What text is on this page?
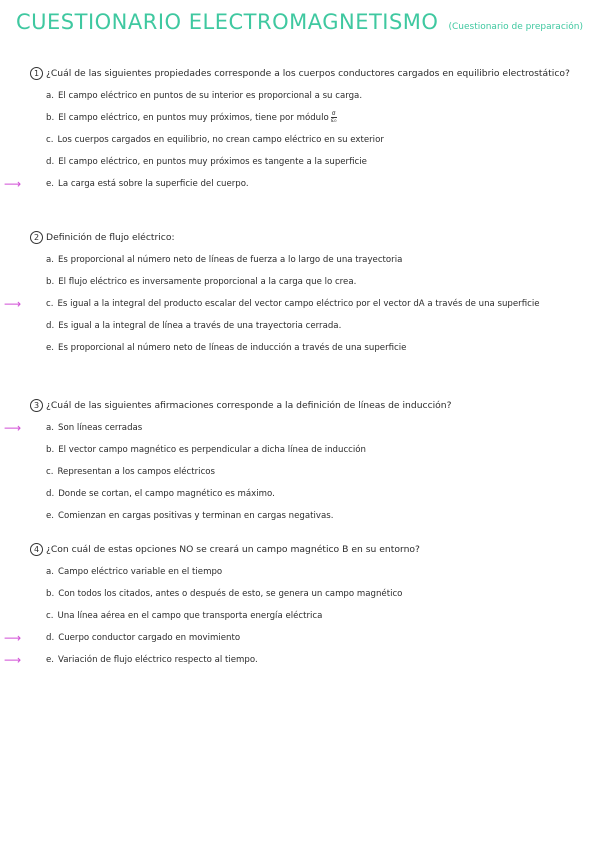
CUESTIONARIO ELECTROMAGNETISMO (Cuestionario de preparación)
1 ¿Cuál de las siguientes propiedades corresponde a los cuerpos conductores cargados en equilibrio electrostático?
a. El campo eléctrico en puntos de su interior es proporcional a su carga.
b. El campo eléctrico, en puntos muy próximos, tiene por módulo $\frac{\sigma}{\text{ε₀}}$
c. Los cuerpos cargados en equilibrio, no crean campo eléctrico en su exterior
d. El campo eléctrico, en puntos muy próximos es tangente a la superficie
⟶	e. La carga está sobre la superficie del cuerpo.
2 Definición de flujo eléctrico:
a. Es proporcional al número neto de líneas de fuerza a lo largo de una trayectoria
b. El flujo eléctrico es inversamente proporcional a la carga que lo crea.
⟶	c. Es igual a la integral del producto escalar del vector campo eléctrico por el vector dA a través de una superficie
d. Es igual a la integral de línea a través de una trayectoria cerrada.
e. Es proporcional al número neto de líneas de inducción a través de una superficie
3 ¿Cuál de las siguientes afirmaciones corresponde a la definición de líneas de inducción?
⟶	a. Son líneas cerradas
b. El vector campo magnético es perpendicular a dicha línea de inducción
c. Representan a los campos eléctricos
d. Donde se cortan, el campo magnético es máximo.
e. Comienzan en cargas positivas y terminan en cargas negativas.
4 ¿Con cuál de estas opciones NO se creará un campo magnético B en su entorno?
a. Campo eléctrico variable en el tiempo
b. Con todos los citados, antes o después de esto, se genera un campo magnético
c. Una línea aérea en el campo que transporta energía eléctrica
⟶	d. Cuerpo conductor cargado en movimiento
⟶	e. Variación de flujo eléctrico respecto al tiempo.
